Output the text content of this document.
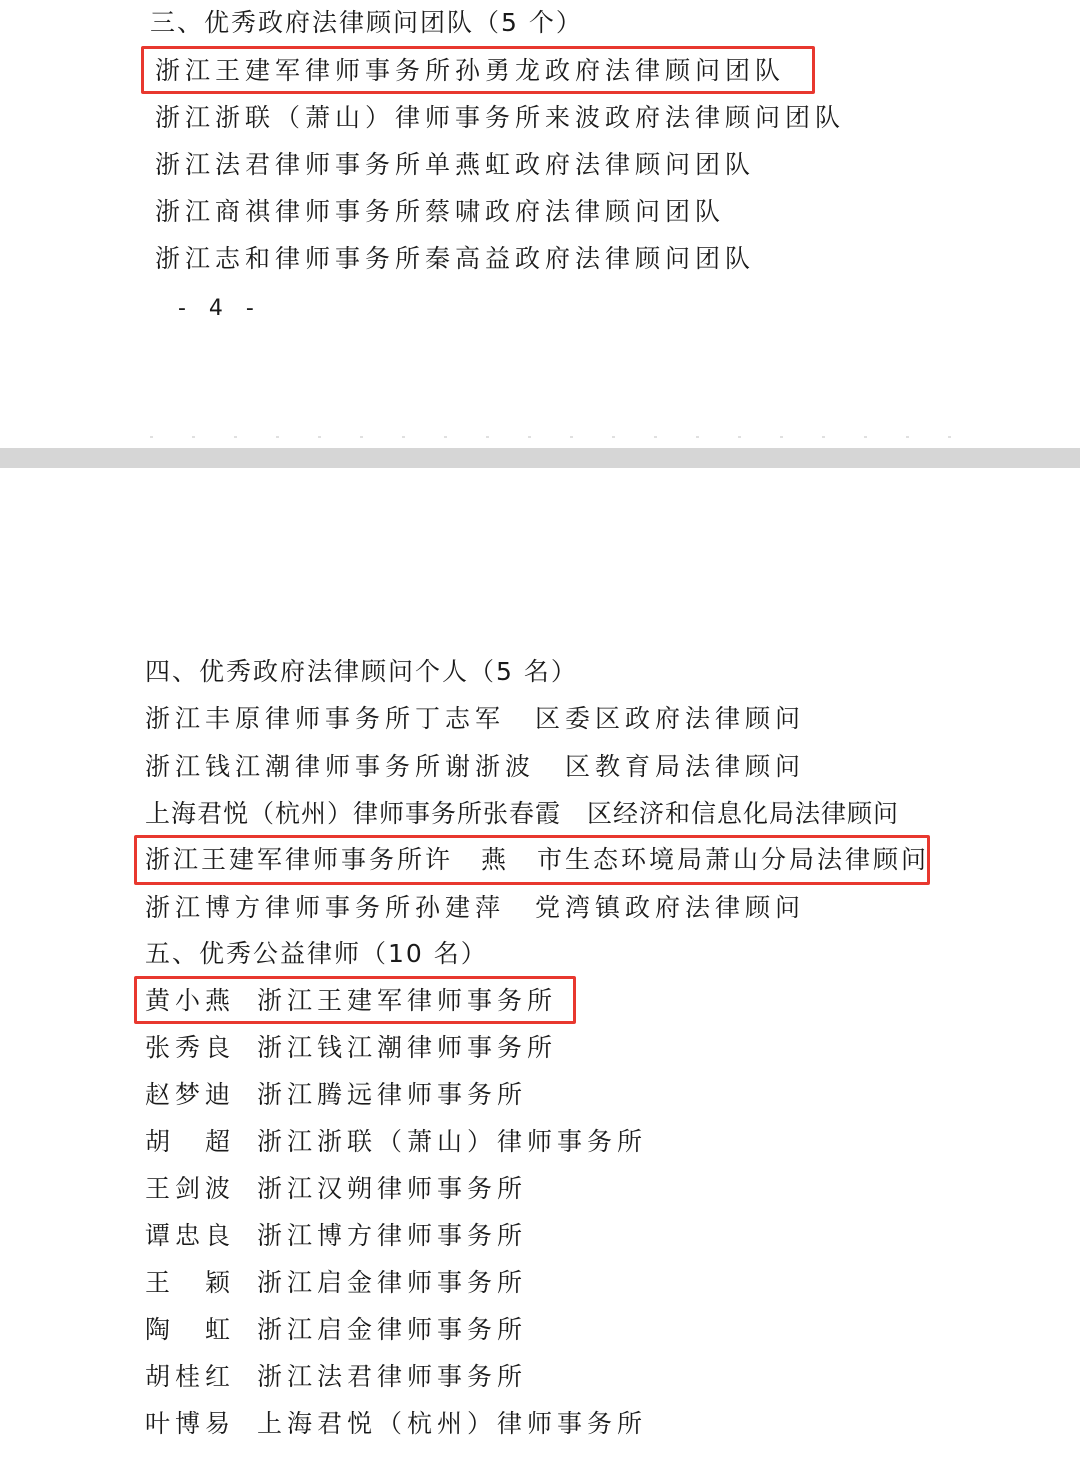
三、优秀政府法律顾问团队（5 个）
浙江王建军律师事务所孙勇龙政府法律顾问团队
浙江浙联（萧山）律师事务所来波政府法律顾问团队
浙江法君律师事务所单燕虹政府法律顾问团队
浙江商祺律师事务所蔡啸政府法律顾问团队
浙江志和律师事务所秦高益政府法律顾问团队
- 4 -
四、优秀政府法律顾问个人（5 名）
浙江丰原律师事务所丁志军　区委区政府法律顾问
浙江钱江潮律师事务所谢浙波　区教育局法律顾问
上海君悦（杭州）律师事务所张春霞　区经济和信息化局法律顾问
浙江王建军律师事务所许　燕　市生态环境局萧山分局法律顾问
浙江博方律师事务所孙建萍　党湾镇政府法律顾问
五、优秀公益律师（10 名）
黄小燕 浙江王建军律师事务所
张秀良 浙江钱江潮律师事务所
赵梦迪 浙江腾远律师事务所
胡　超 浙江浙联（萧山）律师事务所
王剑波 浙江汉朔律师事务所
谭忠良 浙江博方律师事务所
王　颖 浙江启金律师事务所
陶　虹 浙江启金律师事务所
胡桂红 浙江法君律师事务所
叶博易 上海君悦（杭州）律师事务所
